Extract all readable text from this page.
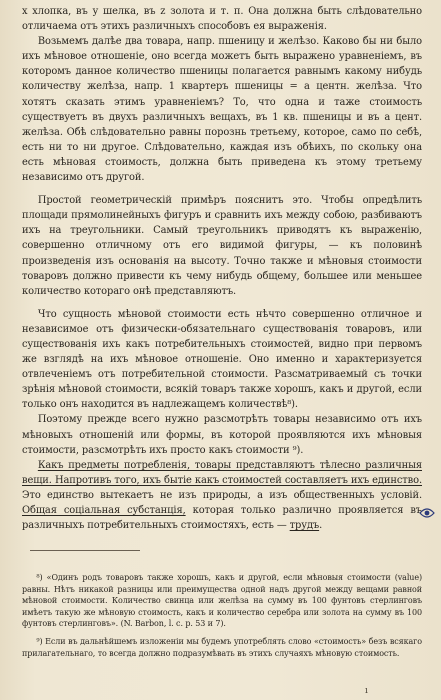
х хлопка, въ у шелка, въ z золота и т. п. Она должна быть слѣдовательно отличаема отъ этихъ различныхъ способовъ ея выраженія.

Возьмемъ далѣе два товара, напр. пшеницу и желѣзо. Каково бы ни было ихъ мѣновое отношеніе, оно всегда можетъ быть выражено уравненіемъ, въ которомъ данное количество пшеницы полагается равнымъ какому нибудь количеству желѣза, напр. 1 квартеръ пшеницы = а центн. желѣза. Что хотятъ сказать этимъ уравненіемъ? То, что одна и таже стоимость существуетъ въ двухъ различныхъ вещахъ, въ 1 кв. пшеницы и въ а цент. желѣза. Обѣ слѣдовательно равны порознь третьему, которое, само по себѣ, есть ни то ни другое. Слѣдовательно, каждая изъ обѣихъ, по скольку она есть мѣновая стоимость, должна быть приведена къ этому третьему независимо отъ другой.

Простой геометрическій примѣръ пояснитъ это. Чтобы опредѣлить площади прямолинейныхъ фигуръ и сравнить ихъ между собою, разбиваютъ ихъ на треугольники. Самый треугольникъ приводятъ къ выраженію, совершенно отличному отъ его видимой фигуры, — къ половинѣ произведенія изъ основанія на высоту. Точно также и мѣновыя стоимости товаровъ должно привести къ чему нибудь общему, большее или меньшее количество котораго онѣ представляютъ.

Что сущность мѣновой стоимости есть нѣчто совершенно отличное и независимое отъ физически-обязательнаго существованія товаровъ, или существованія ихъ какъ потребительныхъ стоимостей, видно при первомъ же взглядѣ на ихъ мѣновое отношеніе. Оно именно и характеризуется отвлеченіемъ отъ потребительной стоимости. Разсматриваемый съ точки зрѣнія мѣновой стоимости, всякій товаръ также хорошъ, какъ и другой, если только онъ находится въ надлежащемъ количествѣ⁸).

Поэтому прежде всего нужно разсмотрѣть товары независимо отъ ихъ мѣновыхъ отношеній или формы, въ которой проявляются ихъ мѣновыя стоимости, разсмотрѣть ихъ просто какъ стоимости ⁹).

Какъ предметы потребленія, товары представляютъ тѣлесно различныя вещи. Напротивъ того, ихъ бытіе какъ стоимостей составляетъ ихъ единство. Это единство вытекаетъ не изъ природы, а изъ общественныхъ условій. Общая соціальная субстанція, которая только различно проявляется въ различныхъ потребительныхъ стоимостяхъ, есть — трудъ.

⁸) «Одинъ родъ товаровъ также хорошъ, какъ и другой, если мѣновыя стоимости (value) равны. Нѣтъ никакой разницы или преимущества одной надъ другой между вещами равной мѣновой стоимости. Количество свинца или желѣза на сумму въ 100 фунтовъ стерлинговъ имѣетъ такую же мѣновую стоимость, какъ и количество серебра или золота на сумму въ 100 фунтовъ стерлинговъ». (N. Barbon, l. c. p. 53 и 7).

⁹) Если въ дальнѣйшемъ изложеніи мы будемъ употреблять слово «стоимость» безъ всякаго прилагательнаго, то всегда должно подразумѣвать въ этихъ случаяхъ мѣновую стоимость.

ı
